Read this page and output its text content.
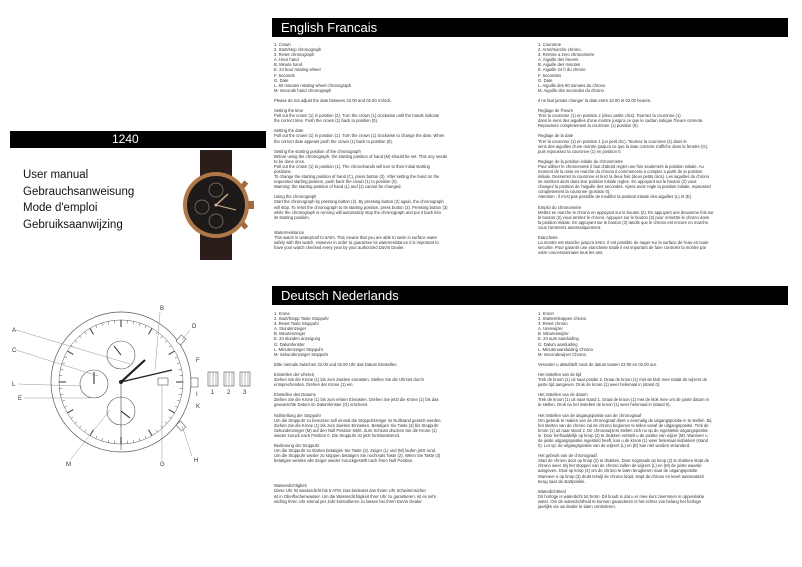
English Francais
Deutsch Nederlands
1240
User manual
Gebrauchsanweisung
Mode d'emploi
Gebruiksaanwijzing

1. Crown

2. Start/stop chronograph

3. Reset chronograph

A. Hour hand

B. Minute hand

E. 24 hour rotating wheel

F. Seconds

G. Date

L. 60 minutes rotating wheel chronograph

M. Seconds hand chronograph

Please do not adjust the date between 22.00 and 02.00 o'clock.

Setting the time

Pull out the crown (1) in position (2). Turn the crown (1) clockwise until the hands indicate

the correct time. Push the crown (1) back to position (0).

Setting the date

Pull out the crown (1) in position (1). Turn the crown (1) clockwise to change the date. When

the correct date appears push the crown (1) back to position (0).

Setting the starting position of the chronograph

Before using the chronograph, the starting position of hand (M) should be set. This ony needs

to be done once.

Pull out the crown (1) to position (1). The chronohands will turn to their initial starting

positions.

To change the starting position of hand (C), press button (2). After setting the hand on the

requested starting position, push back the crown (1) to position (0).

Warning: the starting position of hand (L) and (J) cannot be changed.

Using the chronograph

Start the chronograph by pressing button (2). By pressing button (2) again, the chronograph

will stop. To reset the chronograph to its starting position, press button (3). Pressing button (3)

while the chronograph is running will automaticly stop the chronograph and put it back into

its starting position.

Waterresistance

This watch is waterproof to 5Atm. This means that you are able to swim in surface water

safely with this watch. However in order to guarantee its waterresistance it is important to

have your watch checked every year by your authorized DaVin Dealer.

1. Couronne

2. Arret/marche chrono.

3. Remise a zero chronometre

A. Aiguille des heures

B. Aiguille des minutes

E. Aiguille 24 h du chrono

F. Secondes

G. Date

L. Aiguille des 60 minutes du chrono

M. Aiguille des secondes du chrono

Il ne faut jamais changer la date entre 22.00 et 02.00 heures.

Reglage de l'heure

Tirer la couronne (1) en position 2 (deux petits clics). Tournez la couronne (1)

dans le sens des aiguilles d'une montre jusqu'a ce que le cadran indique l'heure correcte.

Repoussez completement la couronne (1) position (0).

Reglage de la date

Tirer la couronne (1) en position 1 (un petit clic). Tournez la couronne (1) dans le

sens des aiguilles d'une montre jusqu'a ce que la date correcte s'affiche dans la fenetre (G),

puis repoussez la couronne (1) en position 0.

Reglage de la position initiale du chronometre

Pour utiliser le chronometre il faut d'abord regler une fois seulement la position initiale. Au

moment de la mise en marche du chrono il commencera a compter a partir de la position

initiale. Desserrez la couronne et tirez la deux fois (deux petits clics). Les aiguilles du chrono

se mettront alors dans leur position initiale reglee. En appuyant sur le bouton (2) vous

changez la position de l'aiguille des secondes. Apres avoir regle la position initiale, repoussez

completement la couronne (position 0).

Attention : il n'est pas possible de modifier la position initiale des aiguilles (L) et (E).

Emploi du chronometre

Mettez en marche le chrono en appuyant sur le bouton (2). En appuyant une deuxieme fois sur

le bouton (2) vous arretez le chrono. Appuyez sur le bouton (3) pour remettre le chrono dans

la position initiale. En appuyant sur le bouton (3) tandis que le chrono est encore en marche,

vous l'arreterez automatiquement.

Etancheite

La montre est etanche jusqu'a 5Atm. Il est possible de nager sur la surface de l'eau en toute

securite. Pour garantir une etancheite totale il est important de faire controler la montre par

votre concessionnaire tous les ans.

1. Krone

2. Start/Stopp Taste Stoppuhr

3. Reset Taste Stoppuhr

A. Stundenzeiger

B. Minutenzeiger

E. 24 stunden anzeigung

G. Datumfenster

L. Minutenzeiger Stoppuhr

M. Sekundenzeiger Stoppuhr

Bitte niemals zwischen 22.00 und 02.00 Uhr das Datum Einstellen.

Einstellen der Uhrzeit

Ziehen Sie die Krone (1) bis zum zweiten einrasten. Stellen Sie die Uhrzeit durch

entsprechendes. Drehen der Krone (1) ein.

Einstellen des Datums

Ziehen Sie die Krone (1) bis zum ersten Einrasten. Drehen Sie jetzt die Krone (1) bis das

gewunschte Datum im Datumfenster (G) erscheint.

Nullstellung der Stoppuhr

Um die Stoppuhr zu benutzen soll einmal die Stoppuhrzeiger im Nullstand gesetzt werden.

Ziehen Sie die Krone (1) bis zum zweiten Einrasten. Betatigen Sie Taste (3) bis Stoppuhr

Sekundenzeiger (M) auf den Null Position steht. Zum Schluss drucken Sie die Krone (1)

wieder zuruck nach Position 0. Die Stoppuhr ist jetzt funktionsbereit.

Bedienung der Stoppuhr

Um die Stoppuhr zu starten betatigen Sie Taste (2). Zeiger (L) und (M) laufen jetzt rund.

Um die Stoppuhr wieder zu stoppen betatigen Sie nochmals Taste (2). Wenn Sie Taste (3)

betatigen werden alle Zeiger wieder zuruckgestellt nach ihren Null Position.

Wasserdichtigkeit

Diese Uhr ist wasserdicht bis 5 ATM. Das bedeutet das Ihnen Uhr Schwimmsicher

ist in Oberflachenwasser. Um die Wasserdichtigkeit Ihrer Uhr zu garantieren, ist es sehr

wichtig Ihren Uhr einmal per Jahr kontrollieren zu lassen bei Ihren DaVin Dealer.

1. Kroon

2. Starten/stoppen chrono

3. Reset chrono

A. Urenwijzer

B. Minutenwijzer

E. 24 uurs aanduiding

G. Datum aanduiding

L. Minutenaanduiding Chrono

M. Secondewijzer Chrono

Verander u alstublieft nooit de datum tussen 22.00 en 02.00 uur.

Het instellen van de tijd

Trek de kroon (1) uit naar positie 2. Draai de kroon (1) met de klok mee totdat de wijzers de

juiste tijd aangeven. Druk de kroon (1) weer helemaal in (stand 0).

Het instellen van de datum

Trek de kroon (1) uit naar stand 1. Draai de kroon (1) met de klok mee om de juiste datum in

te stellen. Druk na het instellen de kroon (1) weer helemaal in (stand 0).

Het instellen van de uitgangspositie van de chronograaf

Om gebruik te maken van de chronograaf dient u eenmalig de uitgangspositie in te stellen. Bij

het starten van de chrono zal de chrono beginnen te tellen vanaf de uitgangspositie. Trek de

kroon (1) uit naar stand 2. De chronowijzers stellen zich nu op de ingestelde uitgangspositie

in. Door herhaaldelijk op knop (2) te drukken verstelt u de positie van wijzer (M). Wanneer u

de juiste uitgangspositie ingesteld heeft, kan u de kroon (1) weer helemaal indrukken (stand

0). Let op: de uitgangspositie van de wijzers (L) en (E) kan niet worden veranderd.

Het gebruik van de chronograaf

Start de chrono door op knop (2) te drukken. Door nogmaals op knop (2) te drukken stopt de

chrono weer. Bij het stoppen van de chrono zullen de wijzers (L) en (M) de juiste waarde

aangeven. Druk op knop (3) om de chrono te laten terugkeren naar de uitgangspositie.

Wanneer u op knop (3) drukt terwijl de chrono loopt, stopt de chrono en keert automatisch

terug naar de startpositie.

Waterdichtheid

Dit horloge is waterdicht tot 5Atm. Dit houdt in dat u er mee kunt zwemmen in oppervlakte

water. Om de waterdichtheid te kunnen garanderen is het echter van belang het horloge

jaarlijks via uw dealer te laten controleren.

A
B
C
D
E
F
G
H
I
K
L
M
1 2 3
